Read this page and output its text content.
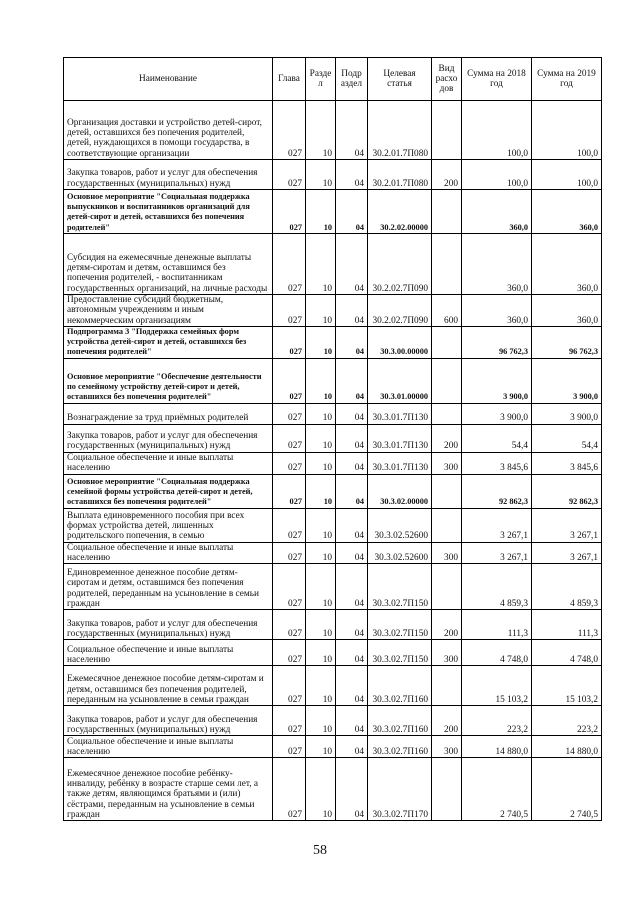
Наименование	Глава	Разде л	Подр аздел	Целевая статья	Вид расхо дов	Сумма на 2018 год	Сумма на 2019 год
Организация доставки и устройство детей-сирот, детей, оставшихся без попечения родителей, детей, нуждающихся в помощи государства, в соответствующие организации	027	10	04	30.2.01.7П080		100,0	100,0
Закупка товаров, работ и услуг для обеспечения государственных (муниципальных) нужд	027	10	04	30.2.01.7П080	200	100,0	100,0
Основное мероприятие "Социальная поддержка выпускников и воспитанников организаций для детей-сирот и детей, оставшихся без попечения родителей"	027	10	04	30.2.02.00000		360,0	360,0
Субсидия на ежемесячные денежные выплаты детям-сиротам и детям, оставшимся без попечения родителей, - воспитанникам государственных организаций, на личные расходы	027	10	04	30.2.02.7П090		360,0	360,0
Предоставление субсидий бюджетным, автономным учреждениям и иным некоммерческим организациям	027	10	04	30.2.02.7П090	600	360,0	360,0
Подпрограмма 3 "Поддержка семейных форм устройства детей-сирот и детей, оставшихся без попечения родителей"	027	10	04	30.3.00.00000		96 762,3	96 762,3
Основное мероприятие "Обеспечение деятельности по семейному устройству детей-сирот и детей, оставшихся без попечения родителей"	027	10	04	30.3.01.00000		3 900,0	3 900,0
Вознаграждение за труд приёмных родителей	027	10	04	30.3.01.7П130		3 900,0	3 900,0
Закупка товаров, работ и услуг для обеспечения государственных (муниципальных) нужд	027	10	04	30.3.01.7П130	200	54,4	54,4
Социальное обеспечение и иные выплаты населению	027	10	04	30.3.01.7П130	300	3 845,6	3 845,6
Основное мероприятие "Социальная поддержка семейной формы устройства детей-сирот и детей, оставшихся без попечения родителей"	027	10	04	30.3.02.00000		92 862,3	92 862,3
Выплата единовременного пособия при всех формах устройства детей, лишенных родительского попечения, в семью	027	10	04	30.3.02.52600		3 267,1	3 267,1
Социальное обеспечение и иные выплаты населению	027	10	04	30.3.02.52600	300	3 267,1	3 267,1
Единовременное денежное пособие детям-сиротам и детям, оставшимся без попечения родителей, переданным на усыновление в семьи граждан	027	10	04	30.3.02.7П150		4 859,3	4 859,3
Закупка товаров, работ и услуг для обеспечения государственных (муниципальных) нужд	027	10	04	30.3.02.7П150	200	111,3	111,3
Социальное обеспечение и иные выплаты населению	027	10	04	30.3.02.7П150	300	4 748,0	4 748,0
Ежемесячное денежное пособие детям-сиротам и детям, оставшимся без попечения родителей, переданным на усыновление в семьи граждан	027	10	04	30.3.02.7П160		15 103,2	15 103,2
Закупка товаров, работ и услуг для обеспечения государственных (муниципальных) нужд	027	10	04	30.3.02.7П160	200	223,2	223,2
Социальное обеспечение и иные выплаты населению	027	10	04	30.3.02.7П160	300	14 880,0	14 880,0
Ежемесячное денежное пособие ребёнку-инвалиду, ребёнку в возрасте старше семи лет, а также детям, являющимся братьями и (или) сёстрами, переданным на усыновление в семьи граждан	027	10	04	30.3.02.7П170		2 740,5	2 740,5
58
